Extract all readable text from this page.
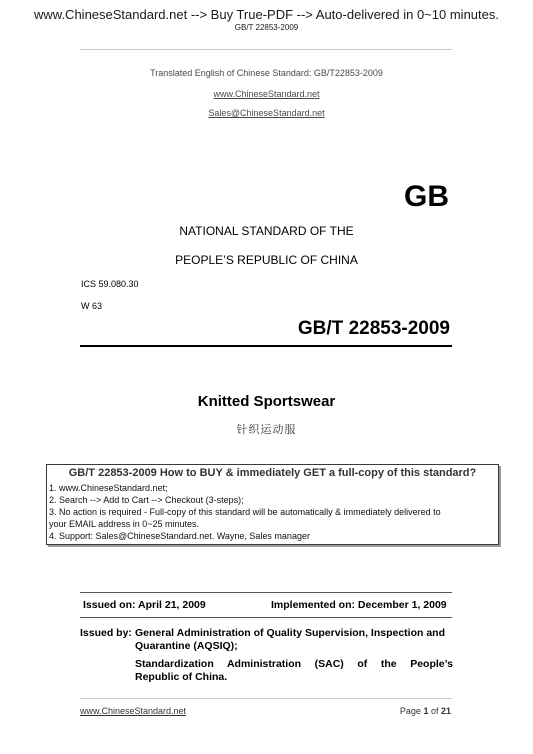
www.ChineseStandard.net --> Buy True-PDF --> Auto-delivered in 0~10 minutes.
GB/T 22853-2009
Translated English of Chinese Standard: GB/T22853-2009
www.ChineseStandard.net
Sales@ChineseStandard.net
GB
NATIONAL STANDARD OF THE
PEOPLE’S REPUBLIC OF CHINA
ICS 59.080.30
W 63
GB/T 22853-2009
Knitted Sportswear
针织运动服
GB/T 22853-2009 How to BUY & immediately GET a full-copy of this standard?
1. www.ChineseStandard.net;
2. Search --> Add to Cart --> Checkout (3-steps);
3. No action is required - Full-copy of this standard will be automatically & immediately delivered to
your EMAIL address in 0~25 minutes.
4. Support: Sales@ChineseStandard.net. Wayne, Sales manager
Issued on: April 21, 2009	Implemented on: December 1, 2009
Issued by: General Administration of Quality Supervision, Inspection and
Quarantine (AQSIQ);
Standardization Administration (SAC) of the People’s
Republic of China.
www.ChineseStandard.net	Page 1 of 21
